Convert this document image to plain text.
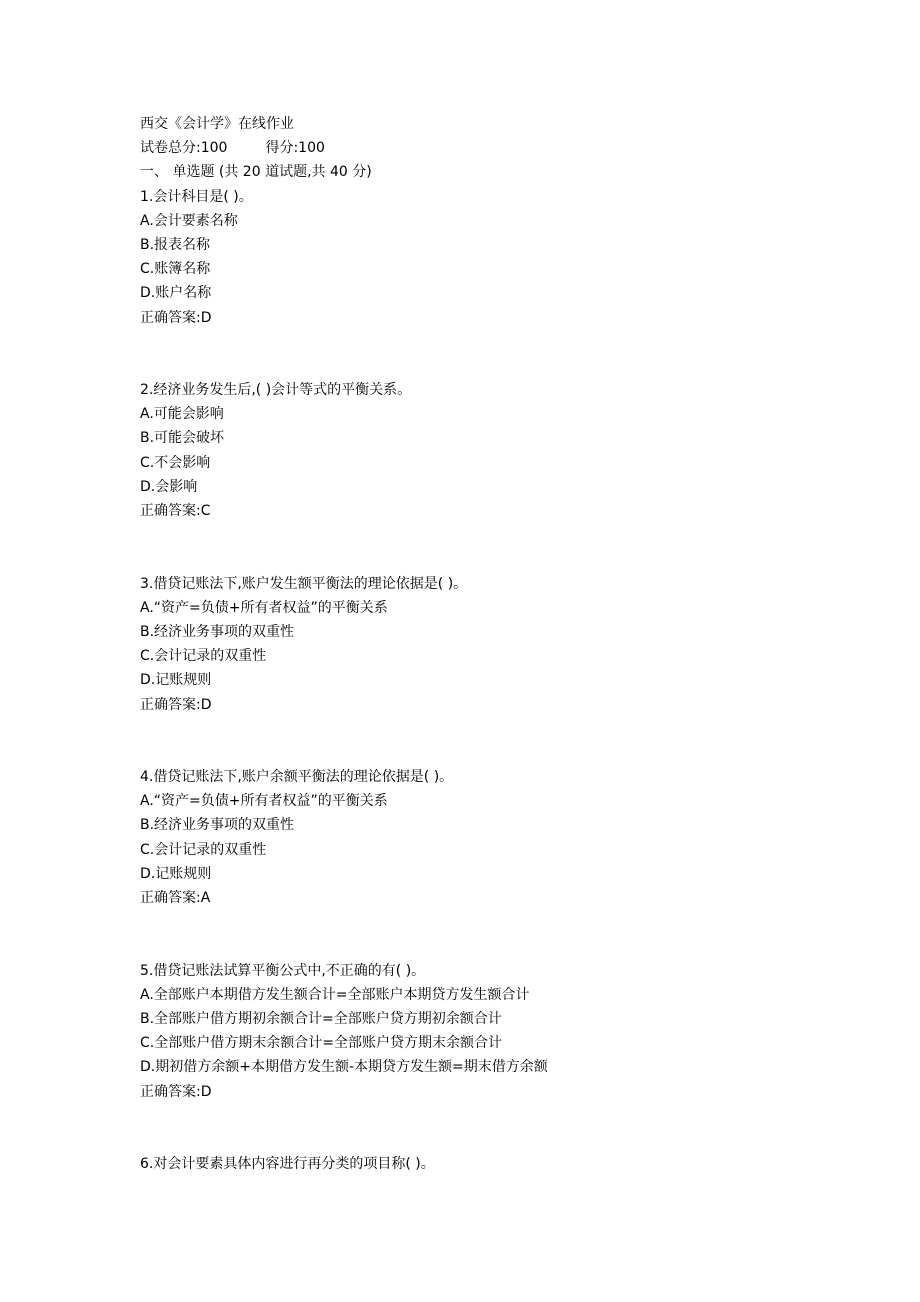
西交《会计学》在线作业
试卷总分:100	得分:100
一、 单选题 (共 20 道试题,共 40 分)
1.会计科目是( )。
A.会计要素名称
B.报表名称
C.账簿名称
D.账户名称
正确答案:D
2.经济业务发生后,( )会计等式的平衡关系。
A.可能会影响
B.可能会破坏
C.不会影响
D.会影响
正确答案:C
3.借贷记账法下,账户发生额平衡法的理论依据是( )。
A.“资产=负债+所有者权益”的平衡关系
B.经济业务事项的双重性
C.会计记录的双重性
D.记账规则
正确答案:D
4.借贷记账法下,账户余额平衡法的理论依据是( )。
A.“资产=负债+所有者权益”的平衡关系
B.经济业务事项的双重性
C.会计记录的双重性
D.记账规则
正确答案:A
5.借贷记账法试算平衡公式中,不正确的有( )。
A.全部账户本期借方发生额合计=全部账户本期贷方发生额合计
B.全部账户借方期初余额合计=全部账户贷方期初余额合计
C.全部账户借方期末余额合计=全部账户贷方期末余额合计
D.期初借方余额+本期借方发生额-本期贷方发生额=期末借方余额
正确答案:D
6.对会计要素具体内容进行再分类的项目称( )。
